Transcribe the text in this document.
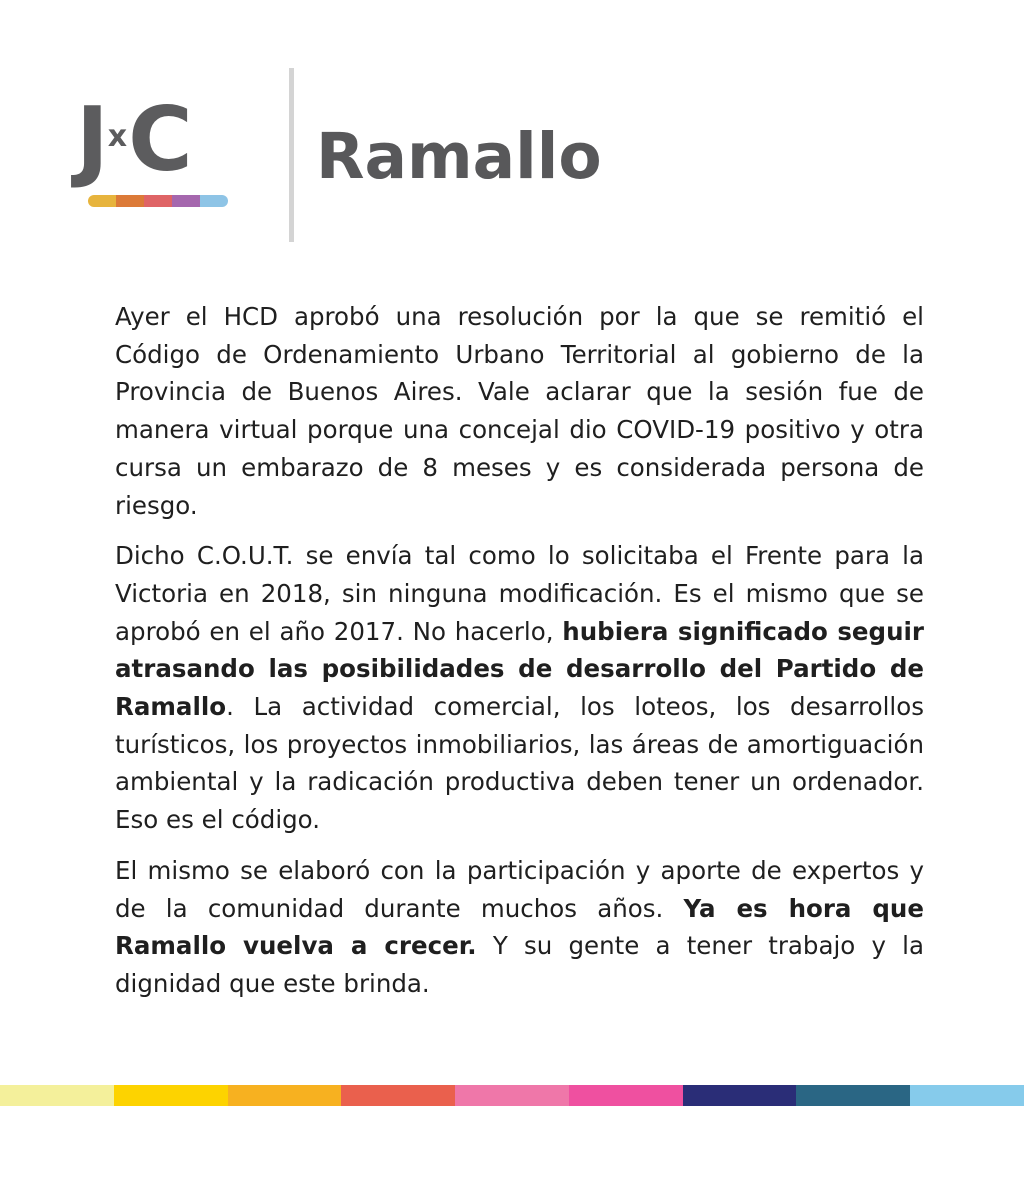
$J^xC$ Ramallo

Ayer el HCD aprobó una resolución por la que se remitió el Código de Ordenamiento Urbano Territorial al gobierno de la Provincia de Buenos Aires. Vale aclarar que la sesión fue de manera virtual porque una concejal dio COVID-19 positivo y otra cursa un embarazo de 8 meses y es considerada persona de riesgo.

Dicho C.O.U.T. se envía tal como lo solicitaba el Frente para la Victoria en 2018, sin ninguna modificación. Es el mismo que se aprobó en el año 2017. No hacerlo, hubiera significado seguir atrasando las posibilidades de desarrollo del Partido de Ramallo. La actividad comercial, los loteos, los desarrollos turísticos, los proyectos inmobiliarios, las áreas de amortiguación ambiental y la radicación productiva deben tener un ordenador. Eso es el código.

El mismo se elaboró con la participación y aporte de expertos y de la comunidad durante muchos años. Ya es hora que Ramallo vuelva a crecer. Y su gente a tener trabajo y la dignidad que este brinda.
